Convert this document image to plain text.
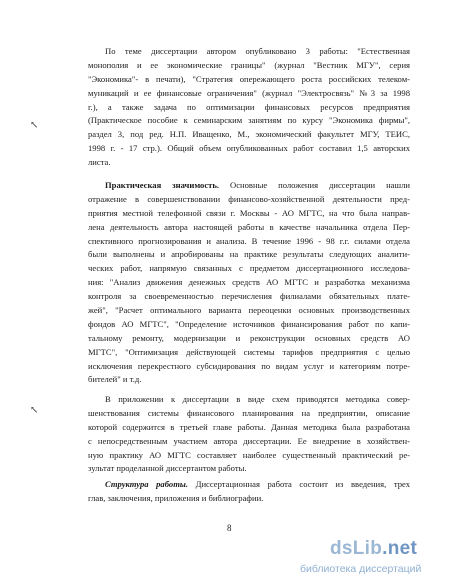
↖
↖
По теме диссертации автором опубликовано 3 работы: "Естественная
монополия и ее экономические границы" (журнал "Вестник МГУ", серия
"Экономика"- в печати), "Стратегия опережающего роста российских телеком-
муникаций и ее финансовые ограничения" (журнал "Электросвязь" №3 за 1998
г.), а также задача по оптимизации финансовых ресурсов предприятия
(Практическое пособие к семинарским занятиям по курсу "Экономика фирмы",
раздел 3, под ред. Н.П. Иващенко, М., экономический факультет МГУ, ТЕИС,
1998 г. - 17 стр.). Общий объем опубликованных работ составил 1,5 авторских
листа.
Практическая значимость. Основные положения диссертации нашли
отражение в совершенствовании финансово-хозяйственной деятельности пред-
приятия местной телефонной связи г. Москвы - АО МГТС, на что была направ-
лена деятельность автора настоящей работы в качестве начальника отдела Пер-
спективного прогнозирования и анализа. В течение 1996 - 98 г.г. силами отдела
были выполнены и апробированы на практике результаты следующих аналити-
ческих работ, напрямую связанных с предметом диссертационного исследова-
ния: "Анализ движения денежных средств АО МГТС и разработка механизма
контроля за своевременностью перечисления филиалами обязательных платe-
жей", "Расчет оптимального варианта переоценки основных производственных
фондов АО МГТС", "Определение источников финансирования работ по капи-
тальному ремонту, модернизации и реконструкции основных средств АО
МГТС", "Оптимизация действующей системы тарифов предприятия с целью
исключения перекрестного субсидирования по видам услуг и категориям потре-
бителей" и т.д.
В приложении к диссертации в виде схем приводятся методика совер-
шенствования системы финансового планирования на предприятии, описание
которой содержится в третьей главе работы. Данная методика была разработана
с непосредственным участием автора диссертации. Ее внедрение в хозяйствен-
ную практику АО МГТС составляет наиболее существенный практический ре-
зультат проделанной диссертантом работы.
Структура работы. Диссертационная работа состоит из введения, трех
глав, заключения, приложения и библиографии.
8
dsLib.net
библиотека диссертаций
